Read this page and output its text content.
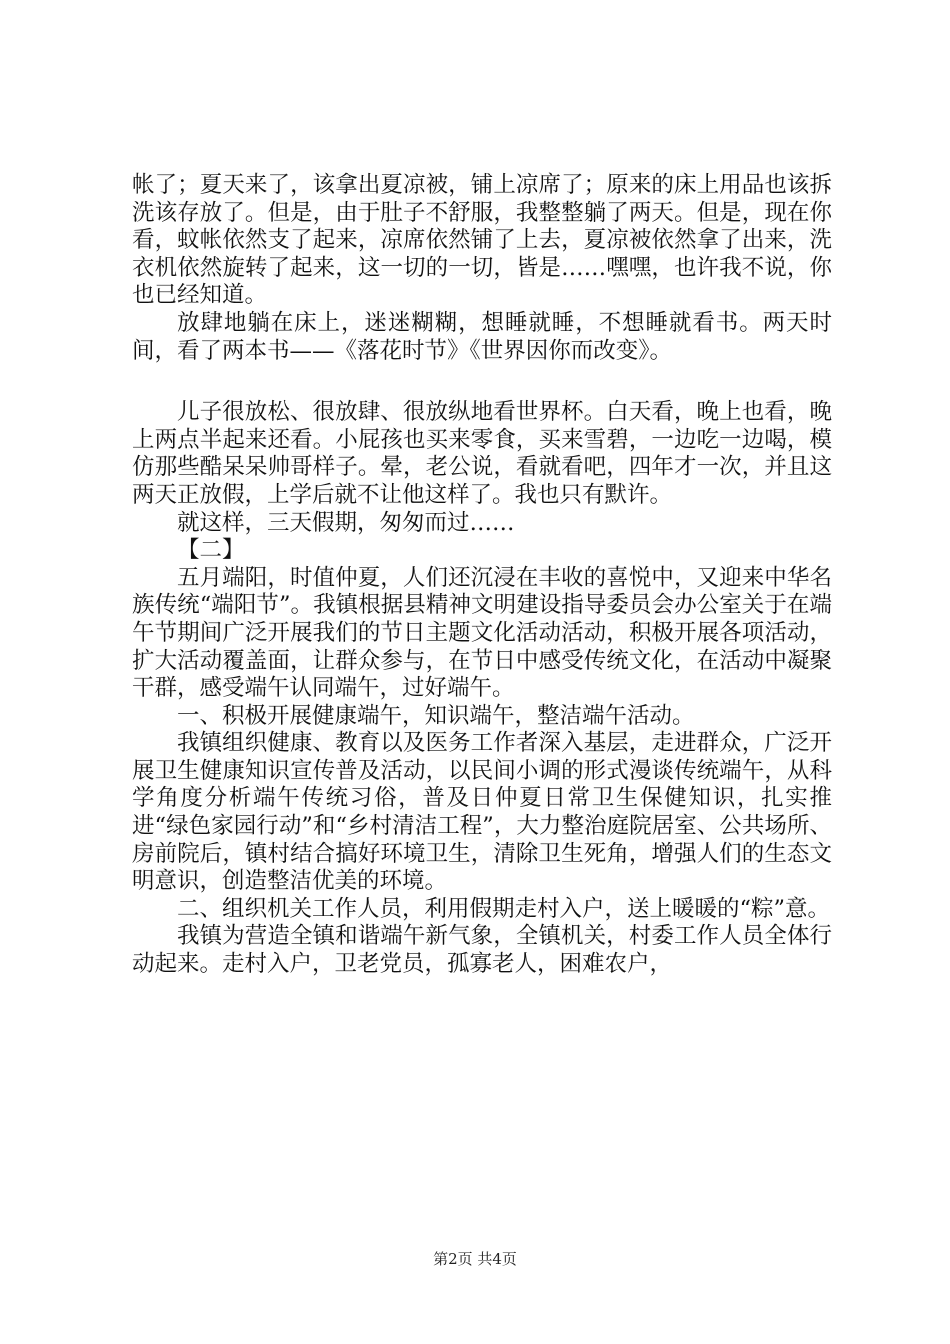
帐了；夏天来了，该拿出夏凉被，铺上凉席了；原来的床上用品也该拆洗该存放了。但是，由于肚子不舒服，我整整躺了两天。但是，现在你看，蚊帐依然支了起来，凉席依然铺了上去，夏凉被依然拿了出来，洗衣机依然旋转了起来，这一切的一切，皆是……嘿嘿，也许我不说，你也已经知道。

放肆地躺在床上，迷迷糊糊，想睡就睡，不想睡就看书。两天时间，看了两本书——《落花时节》《世界因你而改变》。

儿子很放松、很放肆、很放纵地看世界杯。白天看，晚上也看，晚上两点半起来还看。小屁孩也买来零食，买来雪碧，一边吃一边喝，模仿那些酷呆呆帅哥样子。晕，老公说，看就看吧，四年才一次，并且这两天正放假，上学后就不让他这样了。我也只有默许。

就这样，三天假期，匆匆而过……

【二】

五月端阳，时值仲夏，人们还沉浸在丰收的喜悦中，又迎来中华名族传统“端阳节”。我镇根据县精神文明建设指导委员会办公室关于在端午节期间广泛开展我们的节日主题文化活动活动，积极开展各项活动，扩大活动覆盖面，让群众参与，在节日中感受传统文化，在活动中凝聚干群，感受端午认同端午，过好端午。

一、积极开展健康端午，知识端午，整洁端午活动。

我镇组织健康、教育以及医务工作者深入基层，走进群众，广泛开展卫生健康知识宣传普及活动，以民间小调的形式漫谈传统端午，从科学角度分析端午传统习俗，普及日仲夏日常卫生保健知识，扎实推进“绿色家园行动”和“乡村清洁工程”，大力整治庭院居室、公共场所、房前院后，镇村结合搞好环境卫生，清除卫生死角，增强人们的生态文明意识，创造整洁优美的环境。

二、组织机关工作人员，利用假期走村入户，送上暖暖的“粽”意。

我镇为营造全镇和谐端午新气象，全镇机关，村委工作人员全体行动起来。走村入户，卫老党员，孤寡老人，困难农户，

第2页 共4页
